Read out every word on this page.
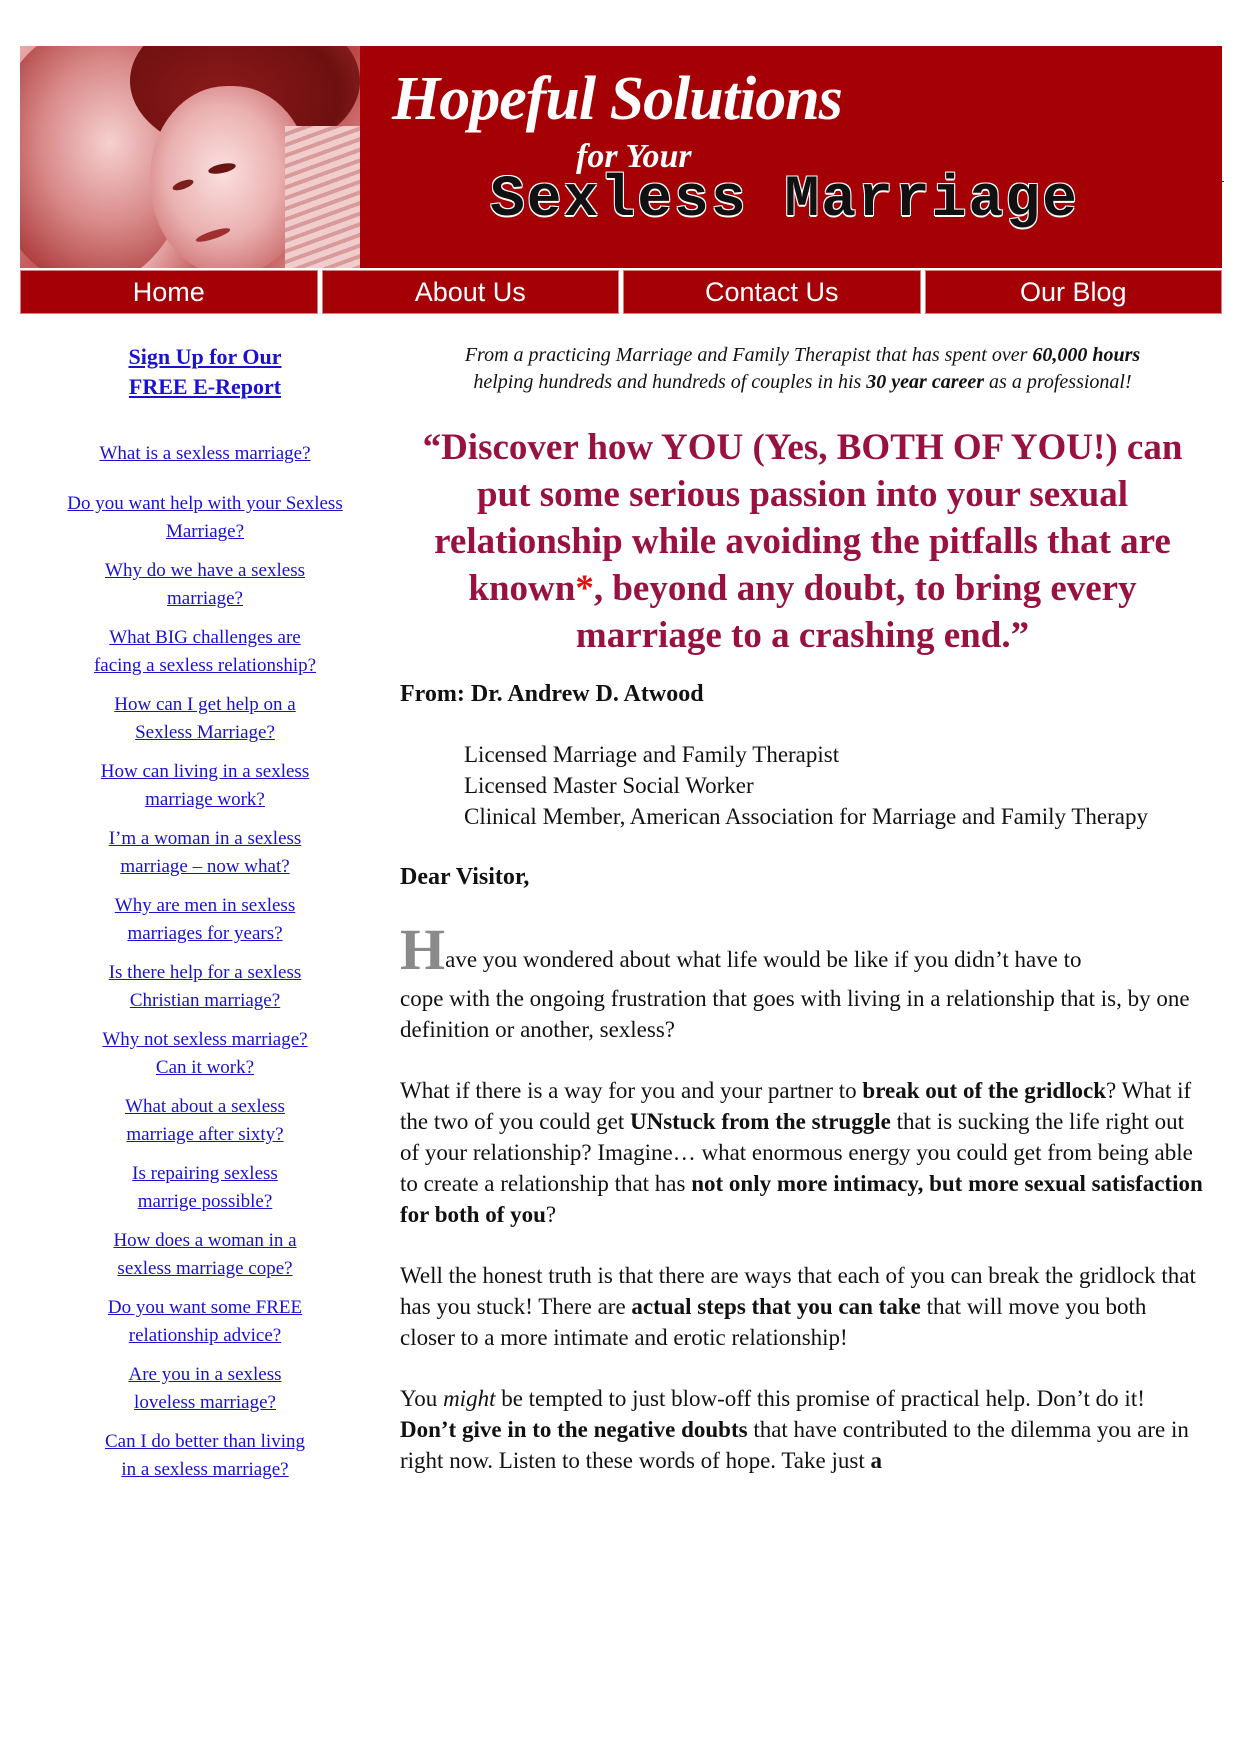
Hopeful Solutions
for Your
Sexless Marriage
Home	About Us	Contact Us	Our Blog
Sign Up for Our
FREE E-Report
What is a sexless marriage?
Do you want help with your Sexless
Marriage?
Why do we have a sexless
marriage?
What BIG challenges are
facing a sexless relationship?
How can I get help on a
Sexless Marriage?
How can living in a sexless
marriage work?
I’m a woman in a sexless
marriage – now what?
Why are men in sexless
marriages for years?
Is there help for a sexless
Christian marriage?
Why not sexless marriage?
Can it work?
What about a sexless
marriage after sixty?
Is repairing sexless
marrige possible?
How does a woman in a
sexless marriage cope?
Do you want some FREE
relationship advice?
Are you in a sexless
loveless marriage?
Can I do better than living
in a sexless marriage?
From a practicing Marriage and Family Therapist that has spent over 60,000 hours
helping hundreds and hundreds of couples in his 30 year career as a professional!
“Discover how YOU (Yes, BOTH OF YOU!) can put some serious passion into your sexual relationship while avoiding the pitfalls that are known*, beyond any doubt, to bring every marriage to a crashing end.”
From: Dr. Andrew D. Atwood
Licensed Marriage and Family Therapist
Licensed Master Social Worker
Clinical Member, American Association for Marriage and Family Therapy
Dear Visitor,

Have you wondered about what life would be like if you didn’t have to
cope with the ongoing frustration that goes with living in a relationship that is, by one definition or another, sexless?

What if there is a way for you and your partner to break out of the gridlock? What if the two of you could get UNstuck from the struggle that is sucking the life right out of your relationship? Imagine… what enormous energy you could get from being able to create a relationship that has not only more intimacy, but more sexual satisfaction for both of you?

Well the honest truth is that there are ways that each of you can break the gridlock that has you stuck! There are actual steps that you can take that will move you both closer to a more intimate and erotic relationship!

You might be tempted to just blow-off this promise of practical help. Don’t do it! Don’t give in to the negative doubts that have contributed to the dilemma you are in right now. Listen to these words of hope. Take just a
